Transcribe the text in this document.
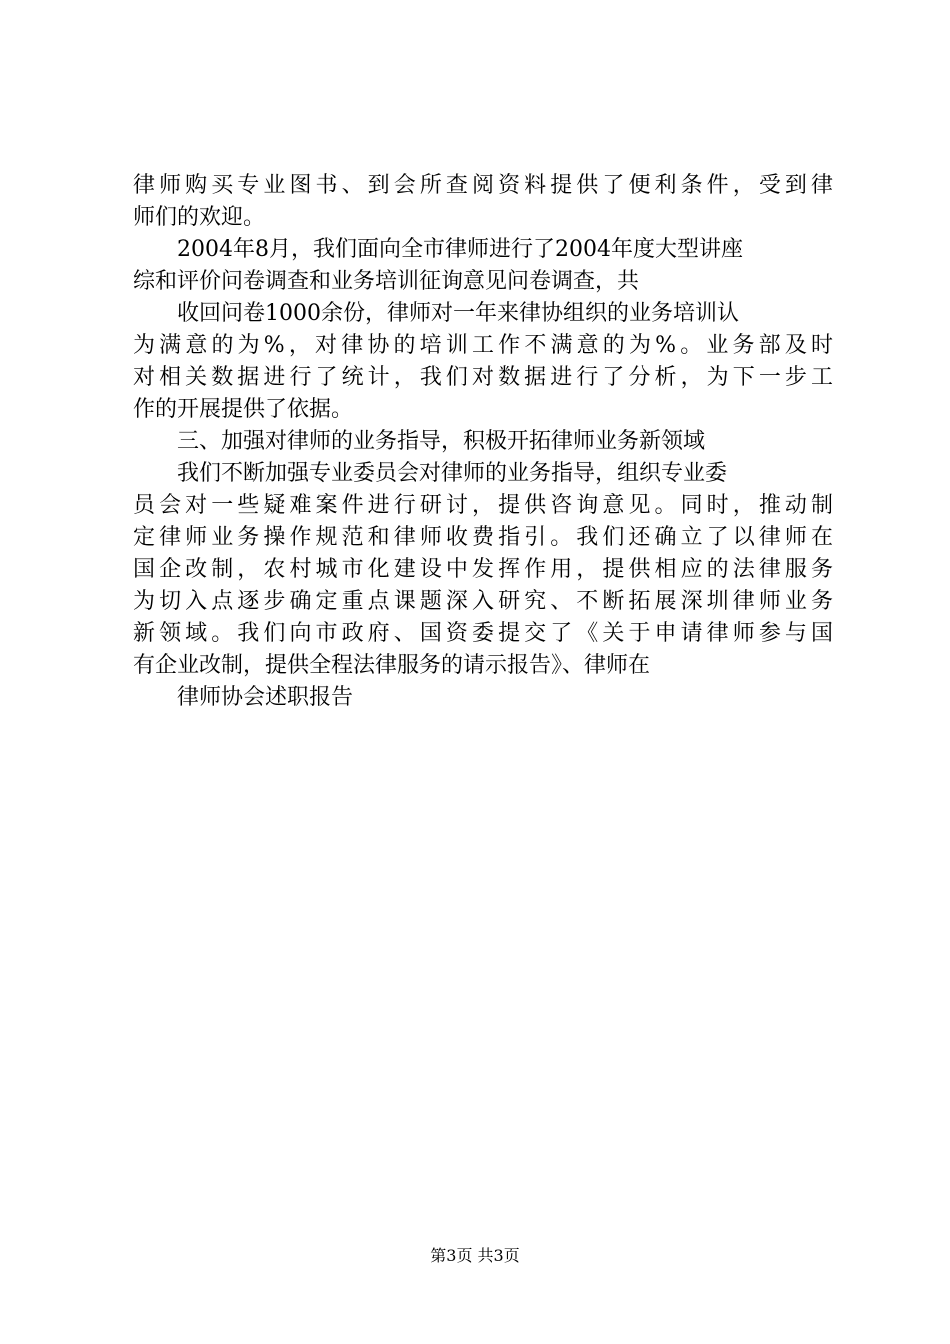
律师购买专业图书、到会所查阅资料提供了便利条件，受到律
师们的欢迎。
2004年8月，我们面向全市律师进行了2004年度大型讲座
综和评价问卷调查和业务培训征询意见问卷调查，共
收回问卷1000余份，律师对一年来律协组织的业务培训认
为满意的为%，对律协的培训工作不满意的为%。业务部及时
对相关数据进行了统计，我们对数据进行了分析，为下一步工
作的开展提供了依据。
三、加强对律师的业务指导，积极开拓律师业务新领域
我们不断加强专业委员会对律师的业务指导，组织专业委
员会对一些疑难案件进行研讨，提供咨询意见。同时，推动制
定律师业务操作规范和律师收费指引。我们还确立了以律师在
国企改制，农村城市化建设中发挥作用，提供相应的法律服务
为切入点逐步确定重点课题深入研究、不断拓展深圳律师业务
新领域。我们向市政府、国资委提交了《关于申请律师参与国
有企业改制，提供全程法律服务的请示报告》、律师在
律师协会述职报告
第3页 共3页
